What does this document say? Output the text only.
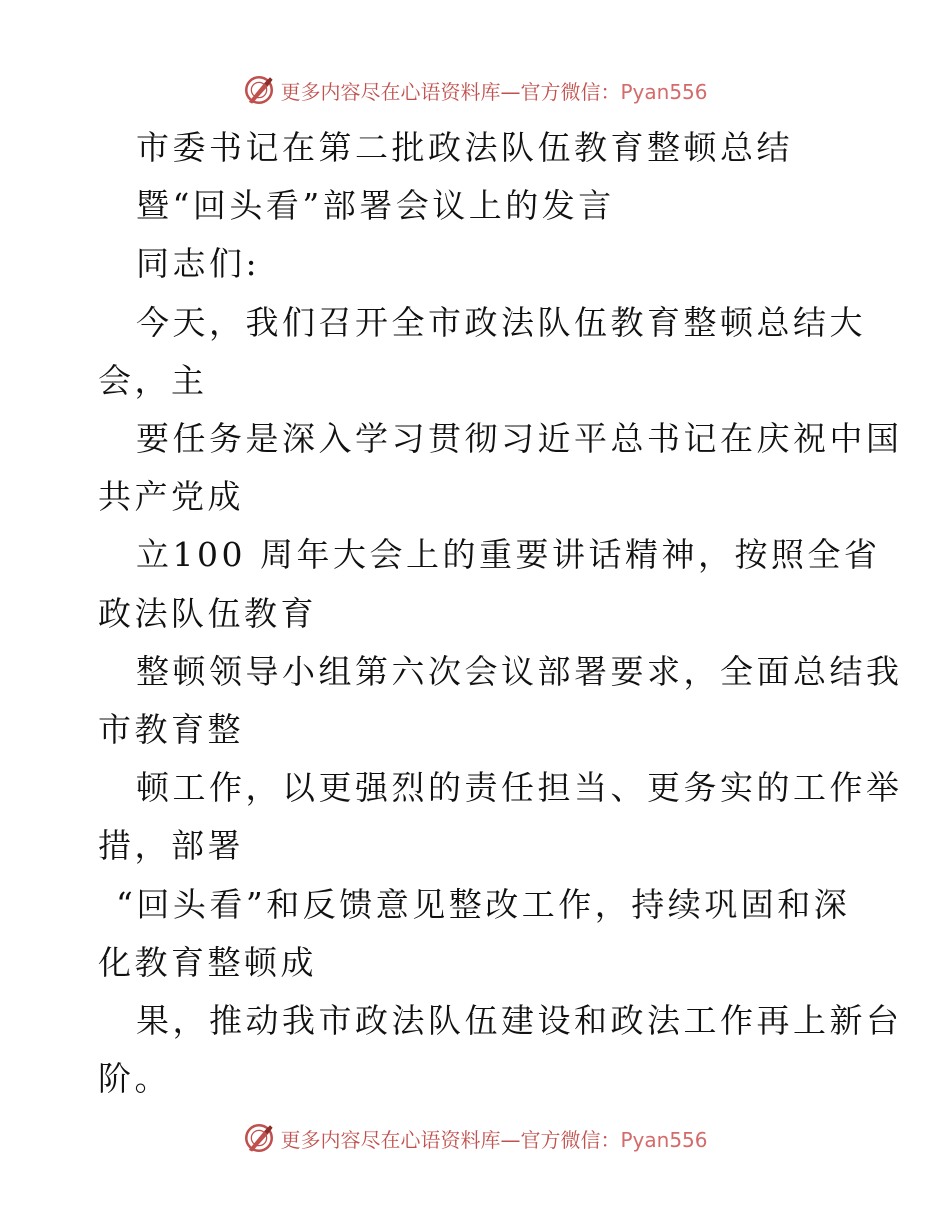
更多内容尽在心语资料库—官方微信：Pyan556
市委书记在第二批政法队伍教育整顿总结
暨“回头看”部署会议上的发言
同志们:
今天，我们召开全市政法队伍教育整顿总结大
会，主
要任务是深入学习贯彻习近平总书记在庆祝中国
共产党成
立100 周年大会上的重要讲话精神，按照全省
政法队伍教育
整顿领导小组第六次会议部署要求，全面总结我
市教育整
顿工作，以更强烈的责任担当、更务实的工作举
措，部署
“回头看”和反馈意见整改工作，持续巩固和深
化教育整顿成
果，推动我市政法队伍建设和政法工作再上新台
阶。
更多内容尽在心语资料库—官方微信：Pyan556
